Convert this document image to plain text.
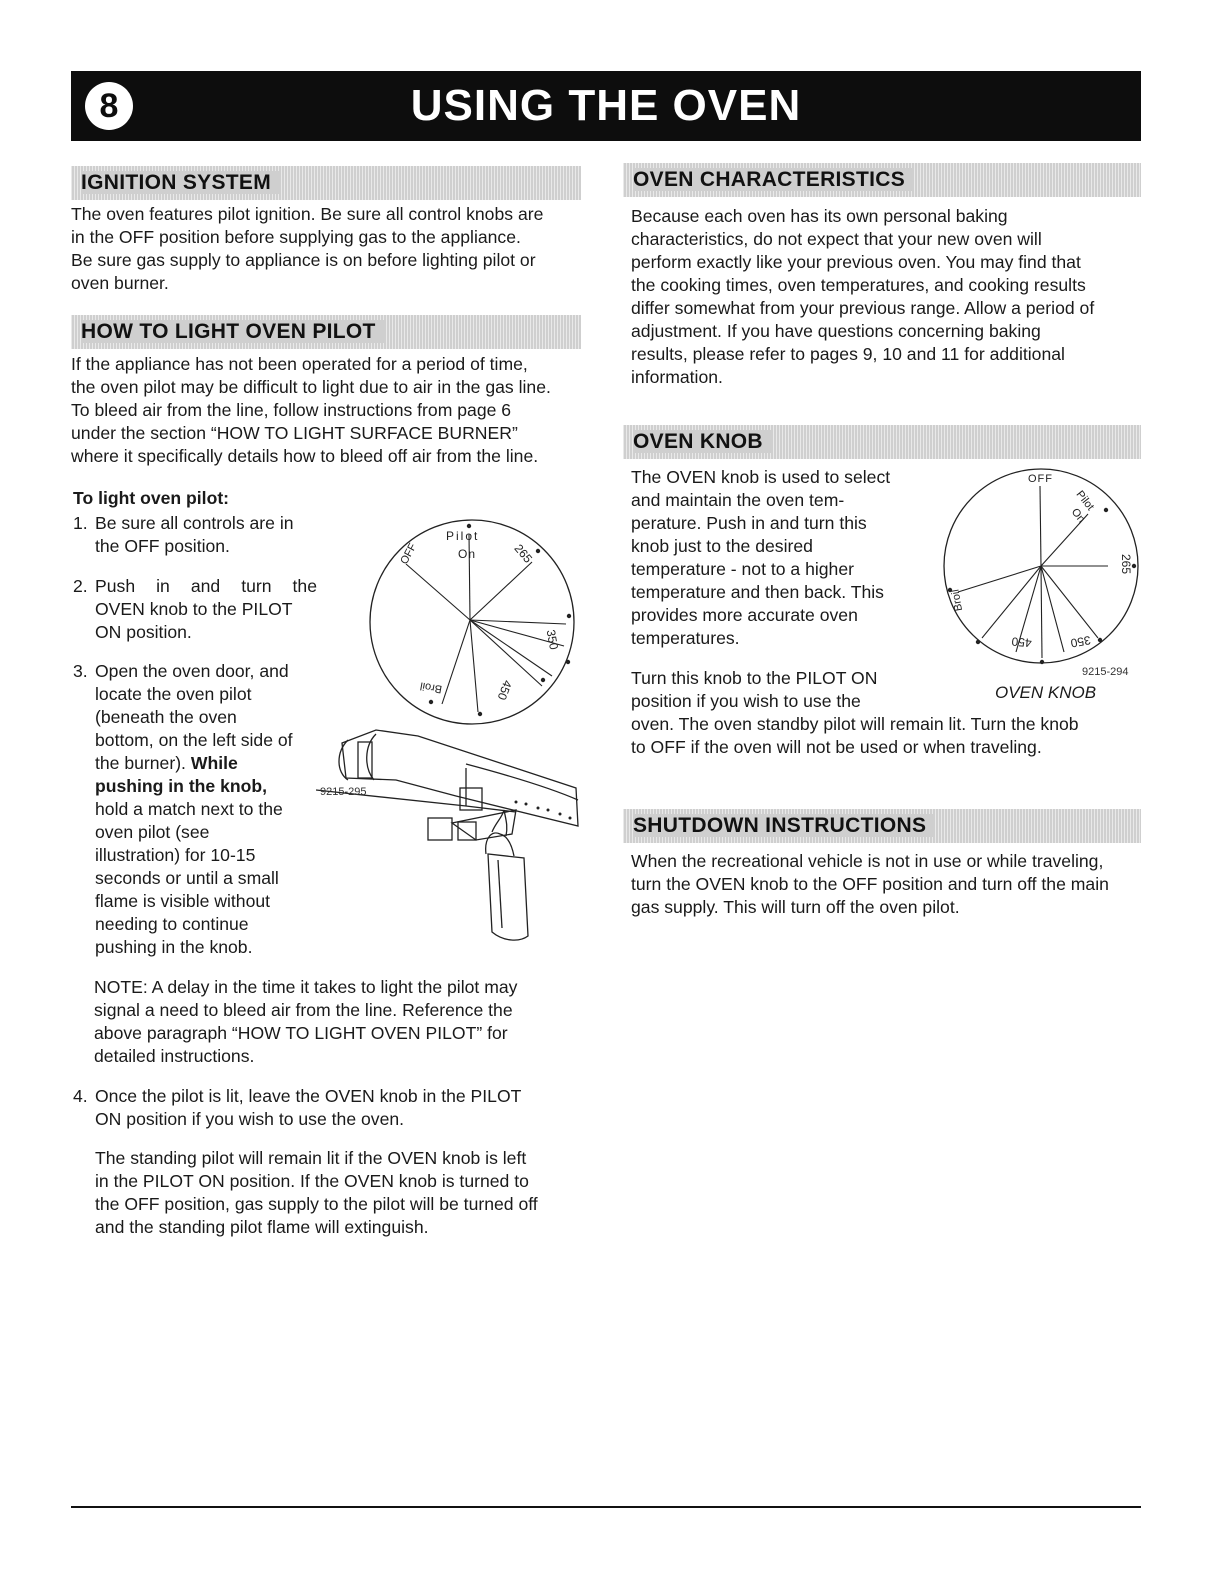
8	USING THE OVEN
IGNITION SYSTEM
The oven features pilot ignition. Be sure all control knobs are
in the OFF position before supplying gas to the appliance.
Be sure gas supply to appliance is on before lighting pilot or
oven burner.
HOW TO LIGHT OVEN PILOT
If the appliance has not been operated for a period of time,
the oven pilot may be difficult to light due to air in the gas line.
To bleed air from the line, follow instructions from page 6
under the section “HOW TO LIGHT SURFACE BURNER”
where it specifically details how to bleed off air from the line.
To light oven pilot:
1. Be sure all controls are in
the OFF position.
2. Push in and turn the
OVEN knob to the PILOT
ON position.
3. Open the oven door, and
locate the oven pilot
(beneath the oven
bottom, on the left side of
the burner). While
pushing in the knob,
hold a match next to the
oven pilot (see
illustration) for 10-15
seconds or until a small
flame is visible without
needing to continue
pushing in the knob.
Pilot
On
OFF	265
350
450
Broil
9215-295
NOTE: A delay in the time it takes to light the pilot may
signal a need to bleed air from the line. Reference the
above paragraph “HOW TO LIGHT OVEN PILOT” for
detailed instructions.
4. Once the pilot is lit, leave the OVEN knob in the PILOT
ON position if you wish to use the oven.
The standing pilot will remain lit if the OVEN knob is left
in the PILOT ON position. If the OVEN knob is turned to
the OFF position, gas supply to the pilot will be turned off
and the standing pilot flame will extinguish.
OVEN CHARACTERISTICS
Because each oven has its own personal baking
characteristics, do not expect that your new oven will
perform exactly like your previous oven. You may find that
the cooking times, oven temperatures, and cooking results
differ somewhat from your previous range. Allow a period of
adjustment. If you have questions concerning baking
results, please refer to pages 9, 10 and 11 for additional
information.
OVEN KNOB
The OVEN knob is used to select
and maintain the oven tem-
perature. Push in and turn this
knob just to the desired
temperature - not to a higher
temperature and then back. This
provides more accurate oven
temperatures.
OFF
Pilot
On
265
350
450
Broil
Turn this knob to the PILOT ON
position if you wish to use the
9215-294
OVEN KNOB
oven. The oven standby pilot will remain lit. Turn the knob
to OFF if the oven will not be used or when traveling.
SHUTDOWN INSTRUCTIONS
When the recreational vehicle is not in use or while traveling,
turn the OVEN knob to the OFF position and turn off the main
gas supply. This will turn off the oven pilot.
